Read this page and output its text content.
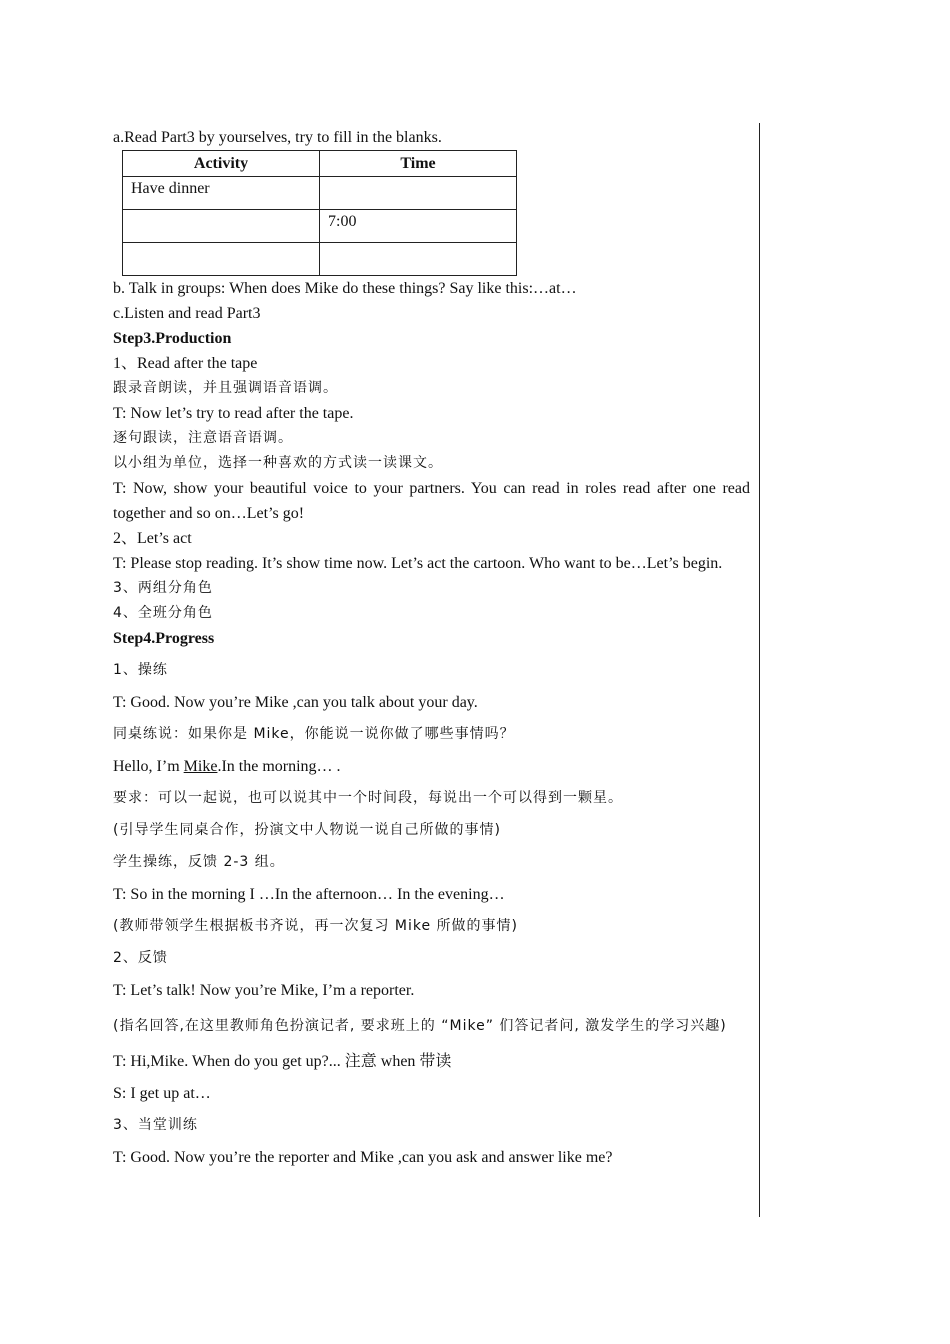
a.Read Part3 by yourselves, try to fill in the blanks.
Activity	Time
Have dinner	
	7:00

b. Talk in groups: When does Mike do these things? Say like this:…at…
c.Listen and read Part3
Step3.Production
1、Read after the tape
跟录音朗读，并且强调语音语调。
T: Now let’s try to read after the tape.
逐句跟读，注意语音语调。
以小组为单位，选择一种喜欢的方式读一读课文。
T: Now, show your beautiful voice to your partners. You can read in roles read after one read together and so on…Let’s go!
2、Let’s act
T: Please stop reading. It’s show time now. Let’s act the cartoon. Who want to be…Let’s begin.
3、两组分角色
4、全班分角色
Step4.Progress
1、操练
T: Good. Now you’re Mike ,can you talk about your day.
同桌练说：如果你是 Mike，你能说一说你做了哪些事情吗？
Hello, I’m Mike.In the morning… .
要求：可以一起说，也可以说其中一个时间段，每说出一个可以得到一颗星。
(引导学生同桌合作，扮演文中人物说一说自己所做的事情)
学生操练，反馈 2-3 组。
T: So in the morning I …In the afternoon… In the evening…
(教师带领学生根据板书齐说，再一次复习 Mike 所做的事情)
2、反馈
T: Let’s talk! Now you’re Mike, I’m a reporter.
(指名回答,在这里教师角色扮演记者, 要求班上的 “Mike” 们答记者问, 激发学生的学习兴趣)
T: Hi,Mike. When do you get up?... 注意 when 带读
S: I get up at…
3、当堂训练
T: Good. Now you’re the reporter and Mike ,can you ask and answer like me?
